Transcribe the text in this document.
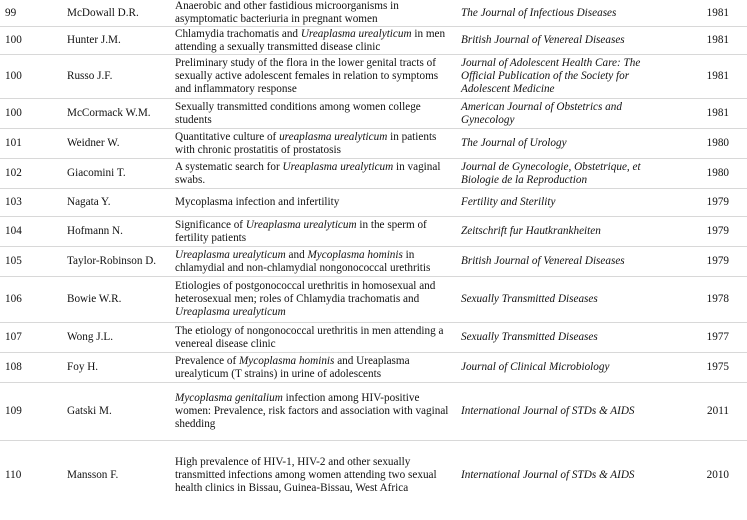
99	McDowall D.R.	Anaerobic and other fastidious microorganisms in asymptomatic bacteriuria in pregnant women	The Journal of Infectious Diseases	1981
100	Hunter J.M.	Chlamydia trachomatis and Ureaplasma urealyticum in men attending a sexually transmitted disease clinic	British Journal of Venereal Diseases	1981
100	Russo J.F.	Preliminary study of the flora in the lower genital tracts of sexually active adolescent females in relation to symptoms and inflammatory response	Journal of Adolescent Health Care: The Official Publication of the Society for Adolescent Medicine	1981
100	McCormack W.M.	Sexually transmitted conditions among women college students	American Journal of Obstetrics and Gynecology	1981
101	Weidner W.	Quantitative culture of ureaplasma urealyticum in patients with chronic prostatitis of prostatosis	The Journal of Urology	1980
102	Giacomini T.	A systematic search for Ureaplasma urealyticum in vaginal swabs.	Journal de Gynecologie, Obstetrique, et Biologie de la Reproduction	1980
103	Nagata Y.	Mycoplasma infection and infertility	Fertility and Sterility	1979
104	Hofmann N.	Significance of Ureaplasma urealyticum in the sperm of fertility patients	Zeitschrift fur Hautkrankheiten	1979
105	Taylor-Robinson D.	Ureaplasma urealyticum and Mycoplasma hominis in chlamydial and non-chlamydial nongonococcal urethritis	British Journal of Venereal Diseases	1979
106	Bowie W.R.	Etiologies of postgonococcal urethritis in homosexual and heterosexual men; roles of Chlamydia trachomatis and Ureaplasma urealyticum	Sexually Transmitted Diseases	1978
107	Wong J.L.	The etiology of nongonococcal urethritis in men attending a venereal disease clinic	Sexually Transmitted Diseases	1977
108	Foy H.	Prevalence of Mycoplasma hominis and Ureaplasma urealyticum (T strains) in urine of adolescents	Journal of Clinical Microbiology	1975
109	Gatski M.	Mycoplasma genitalium infection among HIV-positive women: Prevalence, risk factors and association with vaginal shedding	International Journal of STDs & AIDS	2011
110	Mansson F.	High prevalence of HIV-1, HIV-2 and other sexually transmitted infections among women attending two sexual health clinics in Bissau, Guinea-Bissau, West Africa	International Journal of STDs & AIDS	2010
